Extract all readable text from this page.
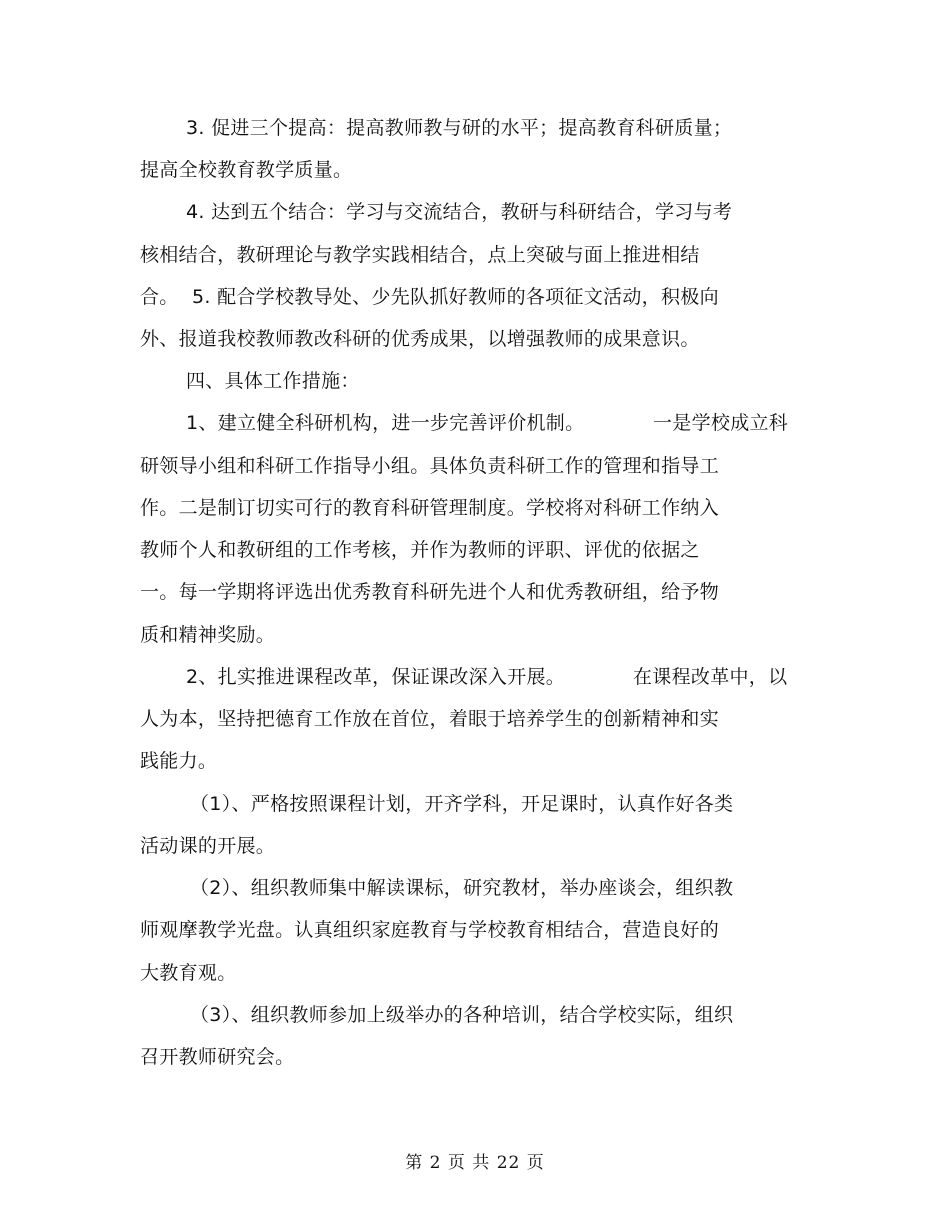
3. 促进三个提高：提高教师教与研的水平；提高教育科研质量；
提高全校教育教学质量。
4. 达到五个结合：学习与交流结合，教研与科研结合，学习与考
核相结合，教研理论与教学实践相结合，点上突破与面上推进相结
合。 5. 配合学校教导处、少先队抓好教师的各项征文活动，积极向
外、报道我校教师教改科研的优秀成果，以增强教师的成果意识。
四、具体工作措施：
1、建立健全科研机构，进一步完善评价机制。	一是学校成立科
研领导小组和科研工作指导小组。具体负责科研工作的管理和指导工
作。二是制订切实可行的教育科研管理制度。学校将对科研工作纳入
教师个人和教研组的工作考核，并作为教师的评职、评优的依据之
一。每一学期将评选出优秀教育科研先进个人和优秀教研组，给予物
质和精神奖励。
2、扎实推进课程改革，保证课改深入开展。	在课程改革中，以
人为本，坚持把德育工作放在首位，着眼于培养学生的创新精神和实
践能力。
（1）、严格按照课程计划，开齐学科，开足课时，认真作好各类
活动课的开展。
（2）、组织教师集中解读课标，研究教材，举办座谈会，组织教
师观摩教学光盘。认真组织家庭教育与学校教育相结合，营造良好的
大教育观。
（3）、组织教师参加上级举办的各种培训，结合学校实际，组织
召开教师研究会。
第 2 页 共 22 页
